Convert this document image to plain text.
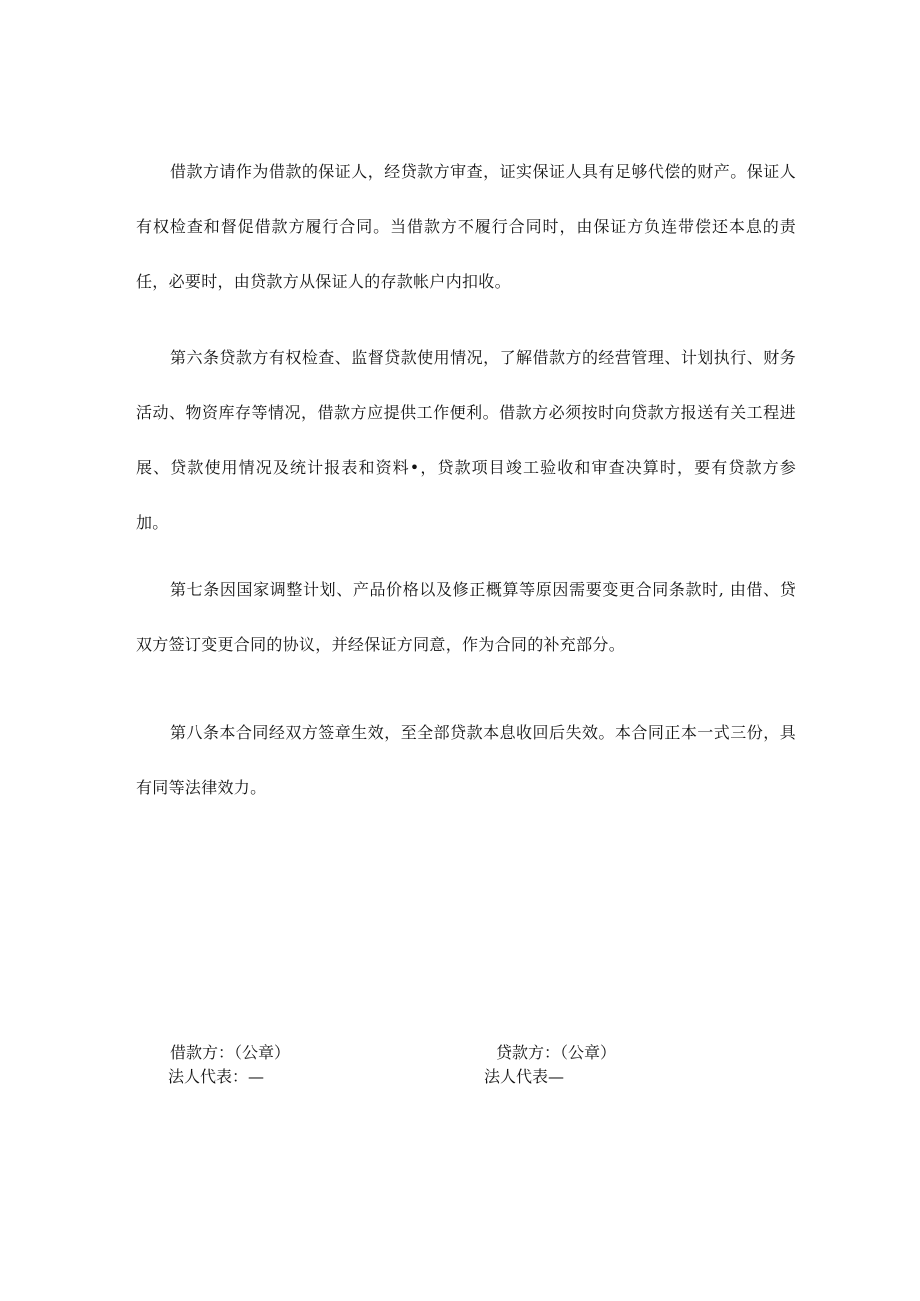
借款方请作为借款的保证人，经贷款方审查，证实保证人具有足够代偿的财产。保证人有权检查和督促借款方履行合同。当借款方不履行合同时，由保证方负连带偿还本息的责任，必要时，由贷款方从保证人的存款帐户内扣收。

第六条贷款方有权检查、监督贷款使用情况，了解借款方的经营管理、计划执行、财务活动、物资库存等情况，借款方应提供工作便利。借款方必须按时向贷款方报送有关工程进展、贷款使用情况及统计报表和资料•，贷款项目竣工验收和审查决算时，要有贷款方参加。

第七条因国家调整计划、产品价格以及修正概算等原因需要变更合同条款时, 由借、贷双方签订变更合同的协议，并经保证方同意，作为合同的补充部分。

第八条本合同经双方签章生效，至全部贷款本息收回后失效。本合同正本一式三份，具有同等法律效力。

借款方：（公章）

法人代表：—

贷款方：（公章）

法人代表—
